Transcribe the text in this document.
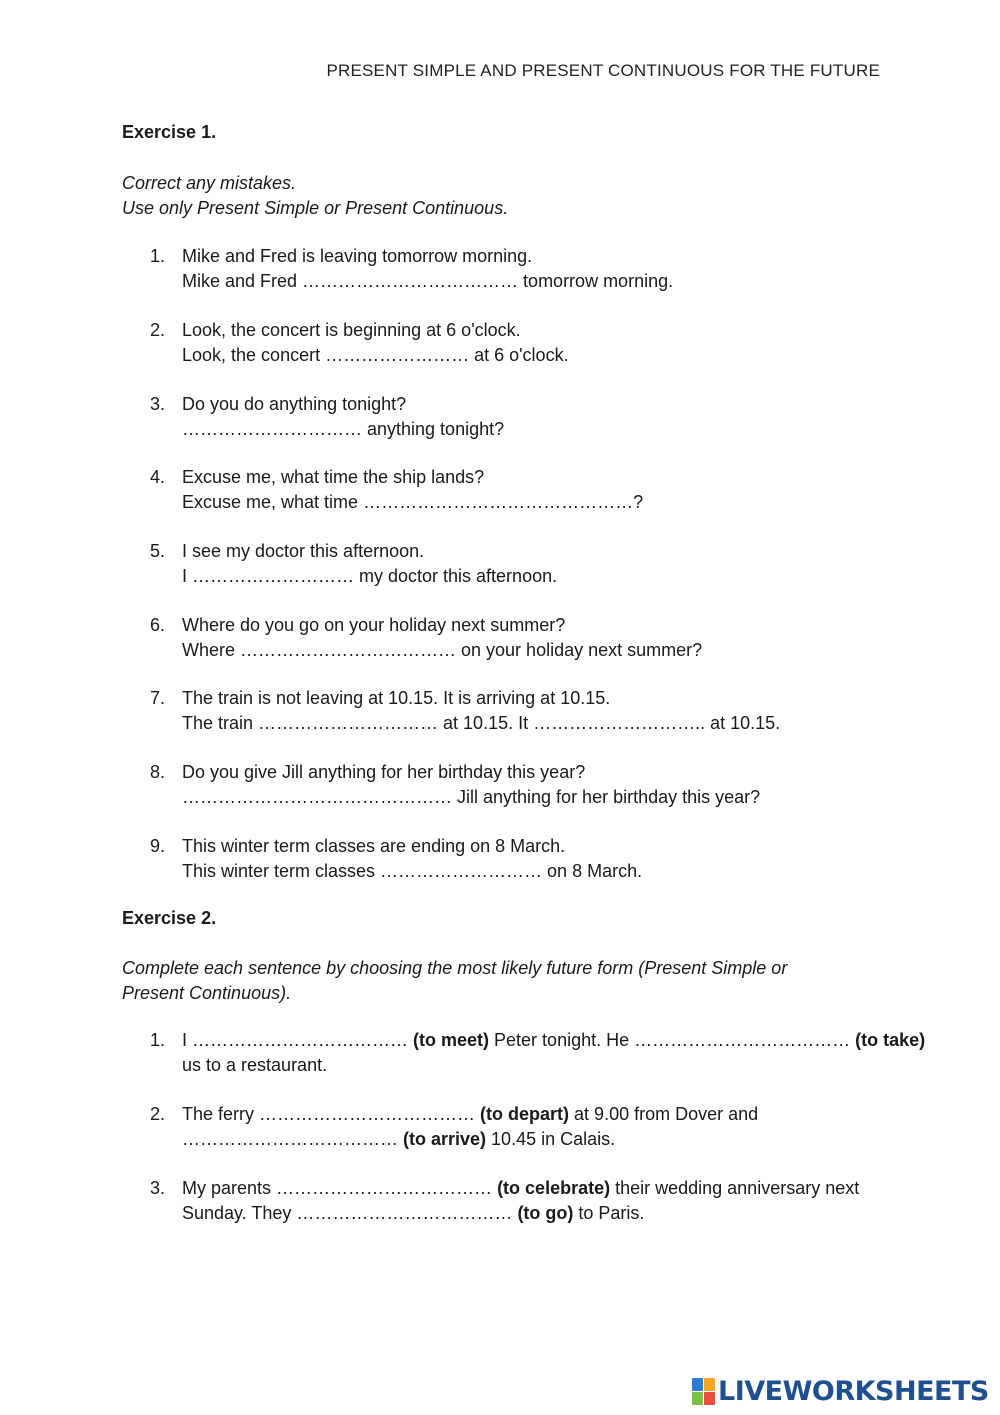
PRESENT SIMPLE AND PRESENT CONTINUOUS FOR THE FUTURE
Exercise 1.
Correct any mistakes.
Use only Present Simple or Present Continuous.
1. Mike and Fred is leaving tomorrow morning.
Mike and Fred ……………………………… tomorrow morning.
2. Look, the concert is beginning at 6 o'clock.
Look, the concert …………………… at 6 o'clock.
3. Do you do anything tonight?
………………………… anything tonight?
4. Excuse me, what time the ship lands?
Excuse me, what time ………………………………………?
5. I see my doctor this afternoon.
I ……………………… my doctor this afternoon.
6. Where do you go on your holiday next summer?
Where ……………………………… on your holiday next summer?
7. The train is not leaving at 10.15. It is arriving at 10.15.
The train ………………………… at 10.15. It ……………………….. at 10.15.
8. Do you give Jill anything for her birthday this year?
……………………………………… Jill anything for her birthday this year?
9. This winter term classes are ending on 8 March.
This winter term classes ……………………… on 8 March.
Exercise 2.
Complete each sentence by choosing the most likely future form (Present Simple or
Present Continuous).
1. I ……………………………… (to meet) Peter tonight. He ……………………………… (to take)
us to a restaurant.
2. The ferry ……………………………… (to depart) at 9.00 from Dover and
……………………………… (to arrive) 10.45 in Calais.
3. My parents ……………………………… (to celebrate) their wedding anniversary next
Sunday. They ……………………………… (to go) to Paris.
LIVEWORKSHEETS
